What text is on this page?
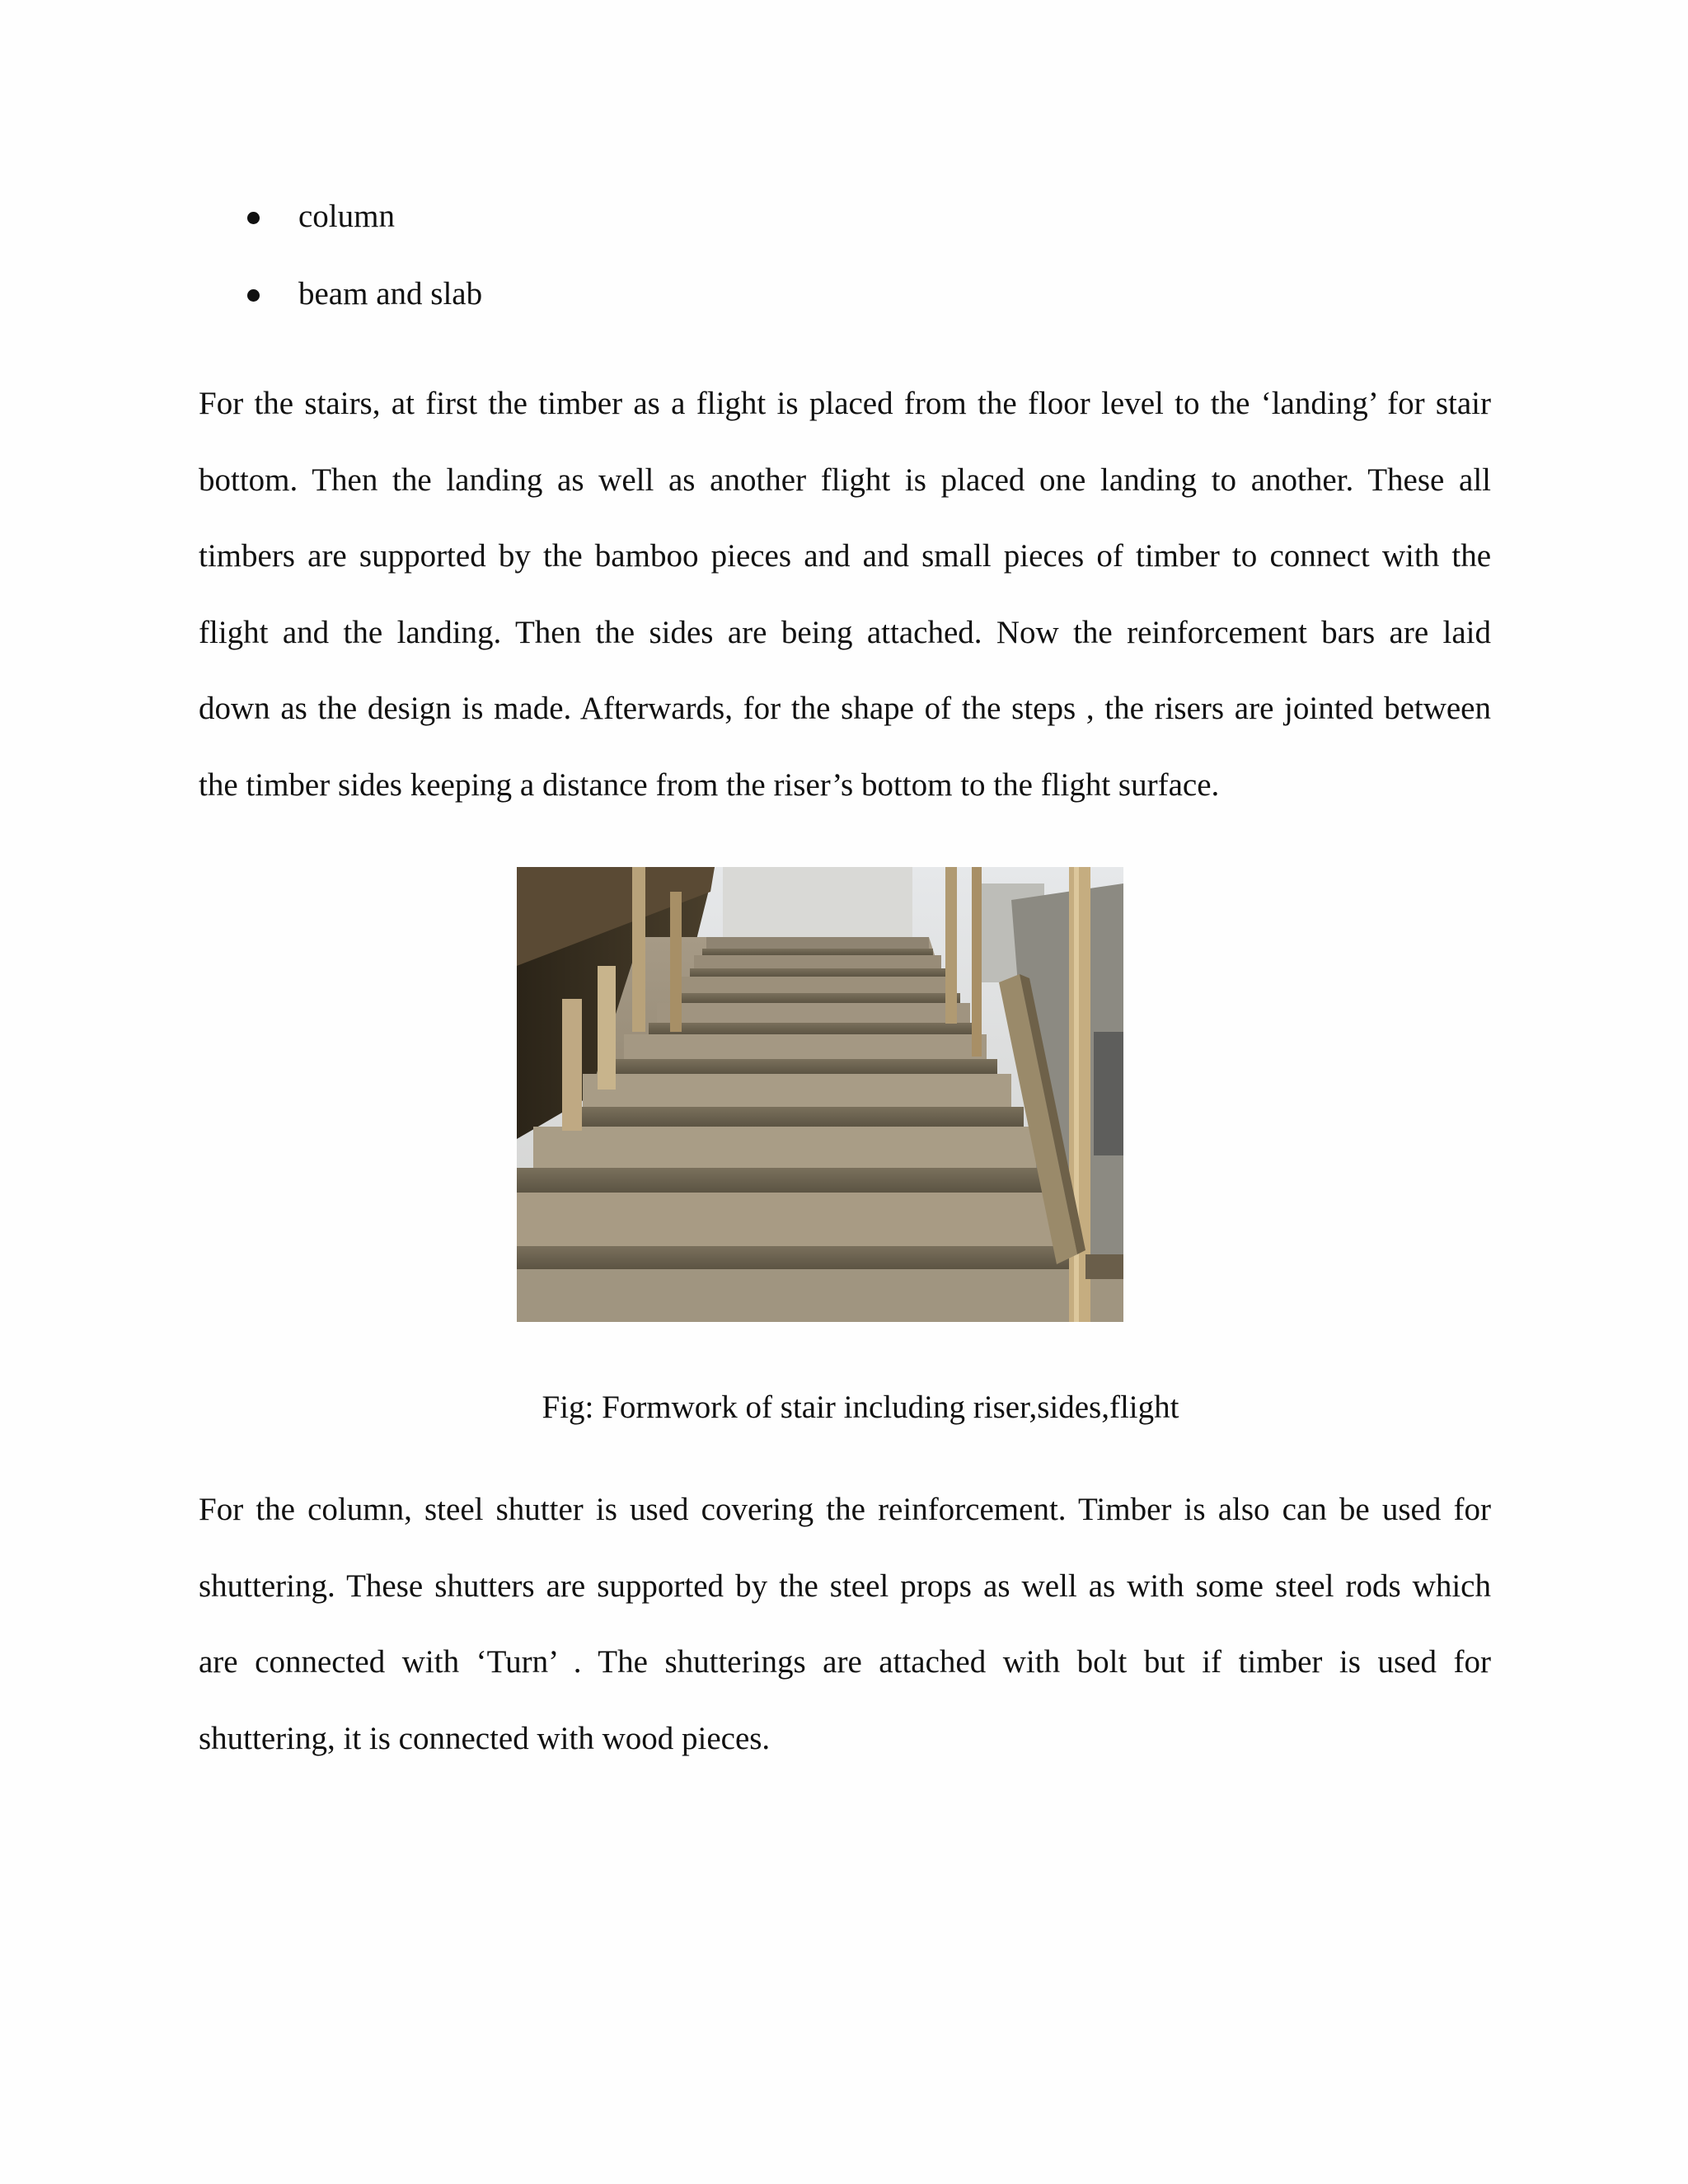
column
beam and slab

For the stairs, at first the timber as a flight is placed from the floor level to the ‘landing’ for stair
bottom. Then the landing as well as another flight is placed one landing to another. These all
timbers are supported by the bamboo pieces and and small pieces of timber to connect with the
flight and the landing. Then the sides are being attached. Now the reinforcement bars are laid
down as the design is made. Afterwards, for the shape of the steps , the risers are jointed between
the timber sides keeping a distance from the riser’s bottom to the flight surface.

Fig: Formwork of stair including riser,sides,flight

For the column, steel shutter is used covering the reinforcement. Timber is also can be used for
shuttering. These shutters are supported by the steel props as well as with some steel rods which
are connected with ‘Turn’ . The shutterings are attached with bolt but if timber is used for
shuttering, it is connected with wood pieces.
